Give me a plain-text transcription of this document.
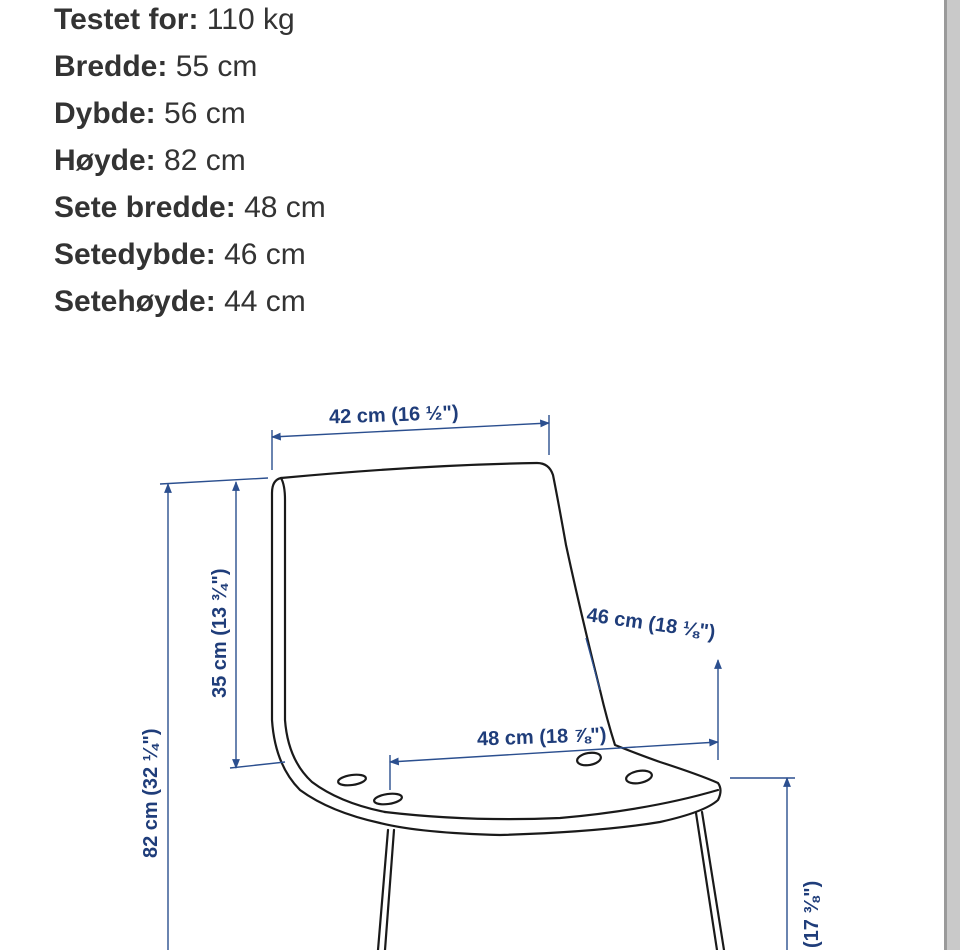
Testet for: 110 kg
Bredde: 55 cm
Dybde: 56 cm
Høyde: 82 cm
Sete bredde: 48 cm
Setedybde: 46 cm
Setehøyde: 44 cm
42 cm (16 ½")
35 cm (13 ¾")
82 cm (32 ¼")
46 cm (18 ⅛")
48 cm (18 ⅞")
(17 ⅜")
